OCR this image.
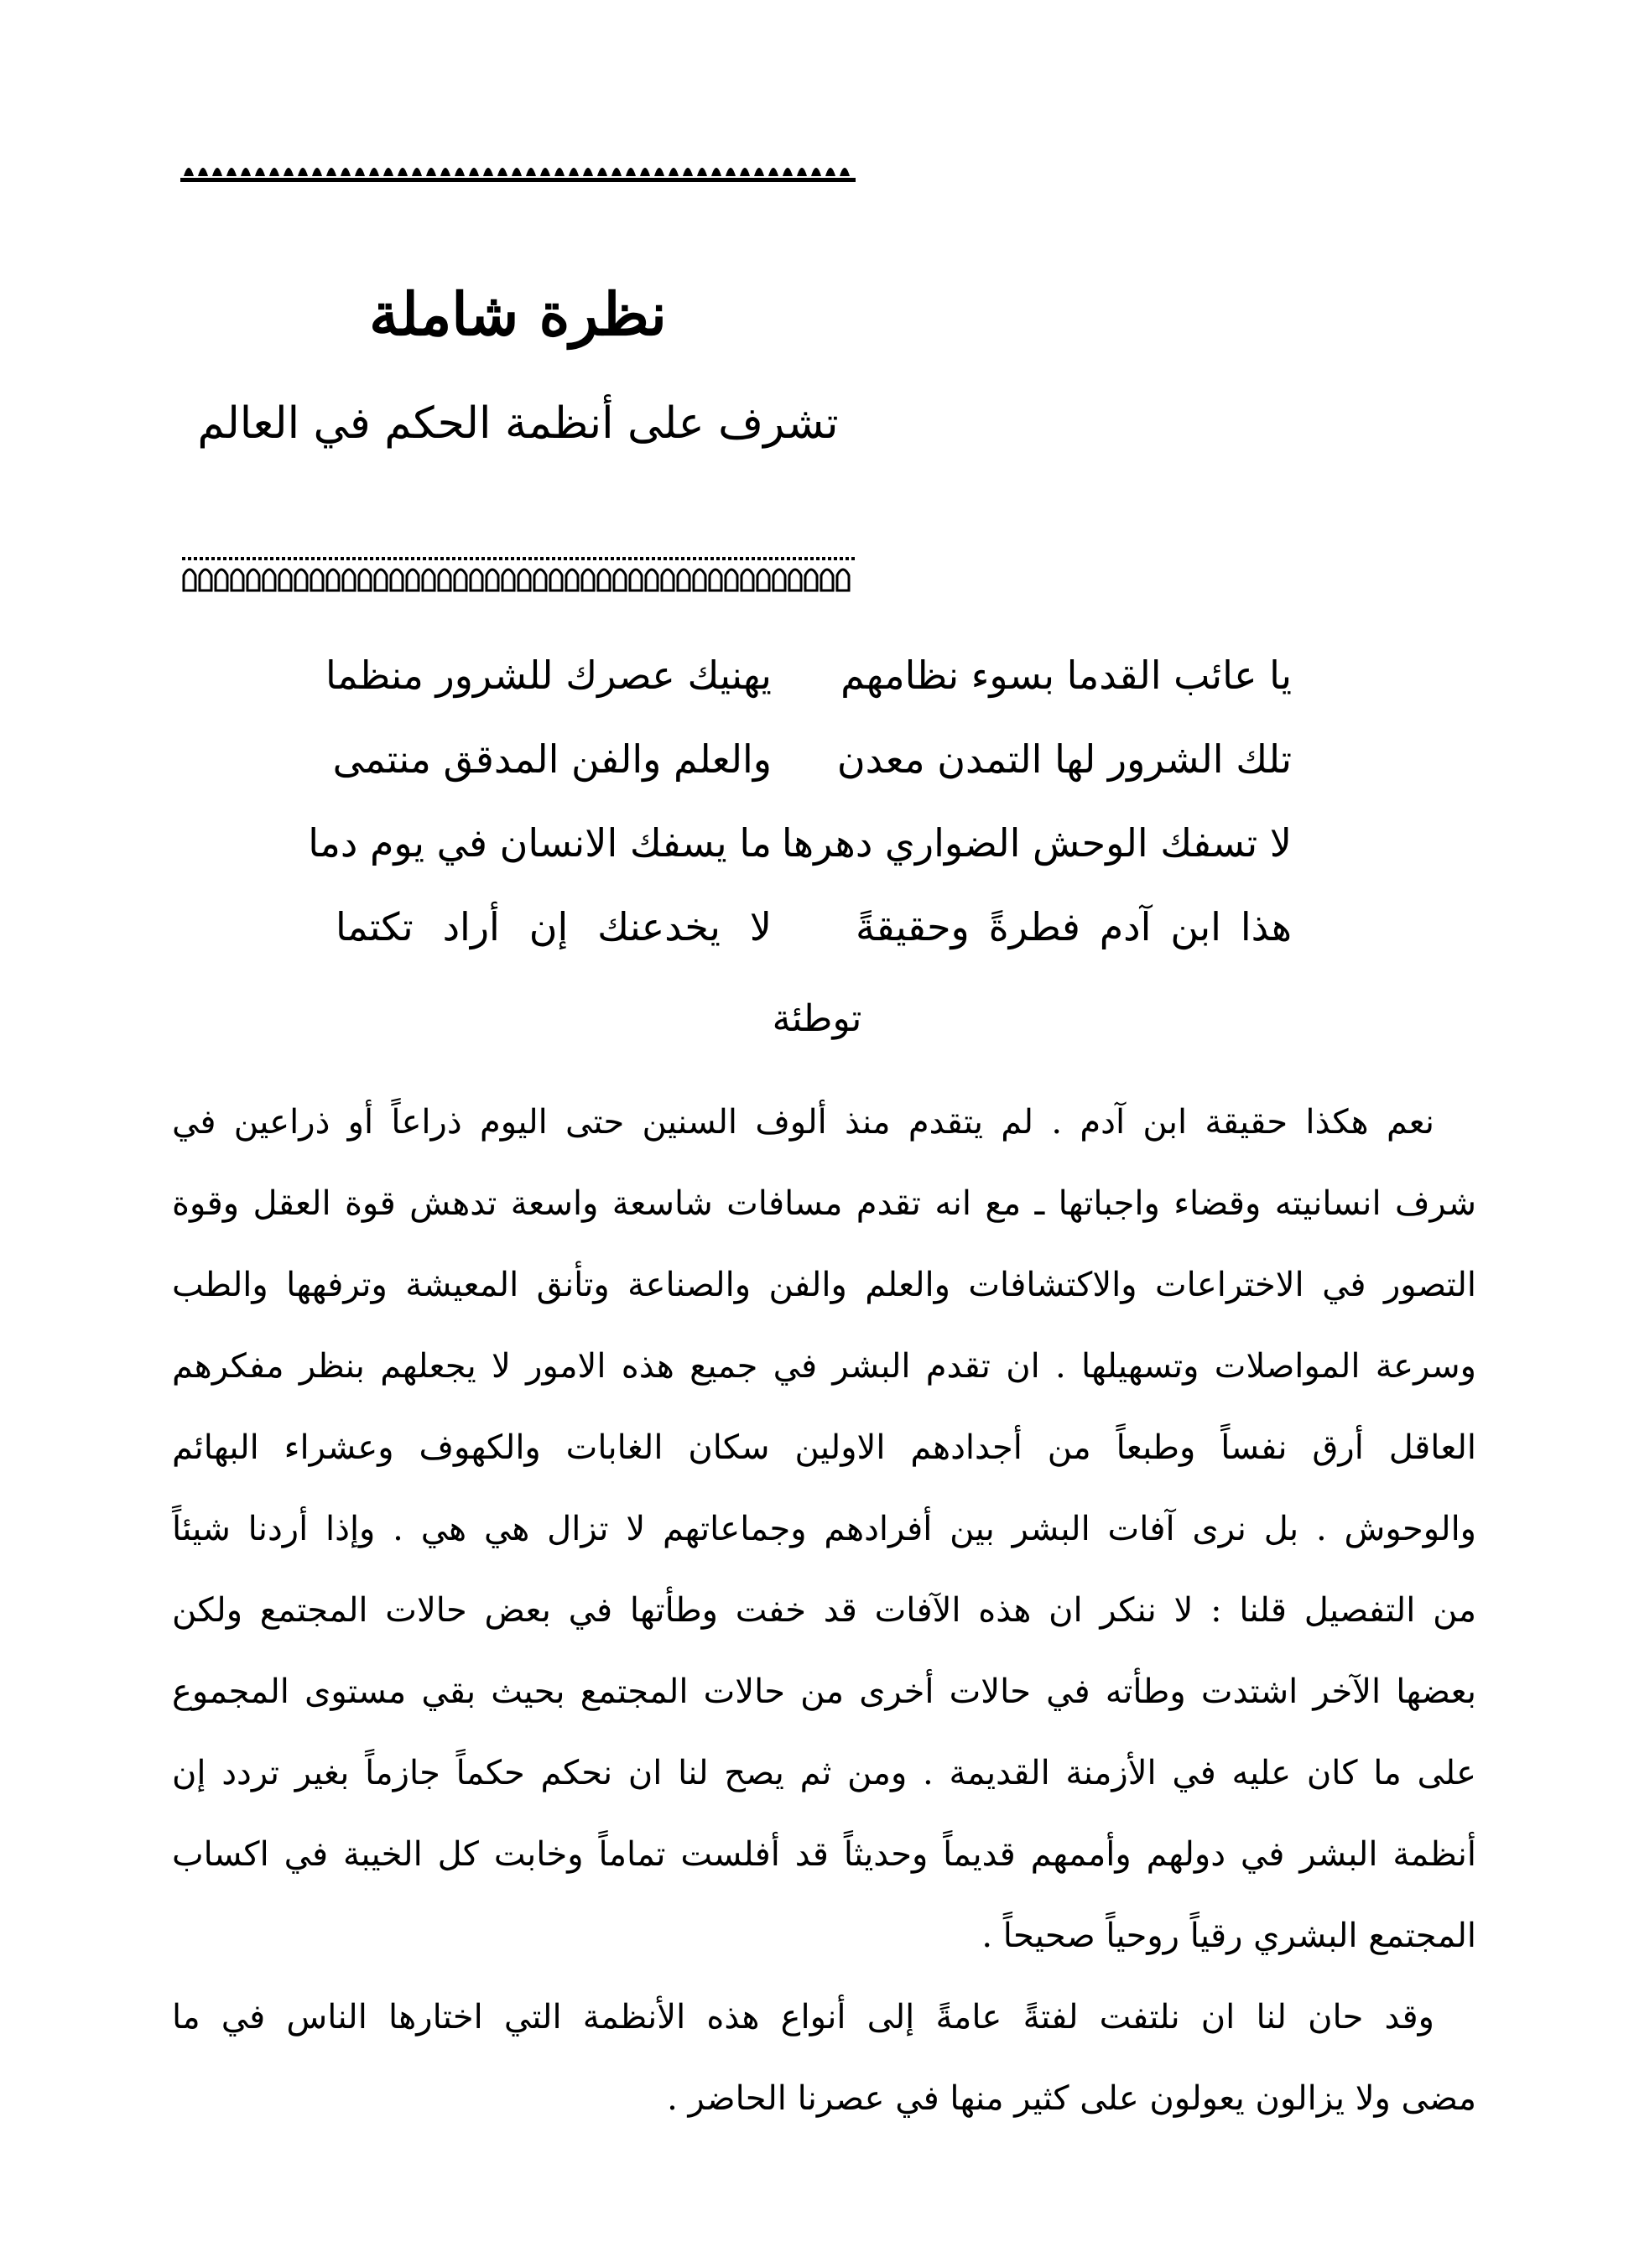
نظرة شاملة
تشرف على أنظمة الحكم في العالم
يا عائب القدما بسوء نظامهم
يهنيك عصرك للشرور منظما
تلك الشرور لها التمدن معدن
والعلم والفن المدقق منتمى
لا تسفك الوحش الضواري دهرها
ما يسفك الانسان في يوم دما
هذا ابن آدم فطرةً وحقيقةً
لا يخدعنك إن أراد تكتما
توطئة
نعم هكذا حقيقة ابن آدم . لم يتقدم منذ ألوف السنين حتى اليوم ذراعاً أو ذراعين في
شرف انسانيته وقضاء واجباتها ـ مع انه تقدم مسافات شاسعة واسعة تدهش قوة العقل وقوة
التصور في الاختراعات والاكتشافات والعلم والفن والصناعة وتأنق المعيشة وترفهها والطب
وسرعة المواصلات وتسهيلها . ان تقدم البشر في جميع هذه الامور لا يجعلهم بنظر مفكرهم
العاقل أرق نفساً وطبعاً من أجدادهم الاولين سكان الغابات والكهوف وعشراء البهائم
والوحوش . بل نرى آفات البشر بين أفرادهم وجماعاتهم لا تزال هي هي . وإذا أردنا شيئاً
من التفصيل قلنا : لا ننكر ان هذه الآفات قد خفت وطأتها في بعض حالات المجتمع ولكن
بعضها الآخر اشتدت وطأته في حالات أخرى من حالات المجتمع بحيث بقي مستوى المجموع
على ما كان عليه في الأزمنة القديمة . ومن ثم يصح لنا ان نحكم حكماً جازماً بغير تردد إن
أنظمة البشر في دولهم وأممهم قديماً وحديثاً قد أفلست تماماً وخابت كل الخيبة في اكساب
المجتمع البشري رقياً روحياً صحيحاً .
وقد حان لنا ان نلتفت لفتةً عامةً إلى أنواع هذه الأنظمة التي اختارها الناس في ما
مضى ولا يزالون يعولون على كثير منها في عصرنا الحاضر .
